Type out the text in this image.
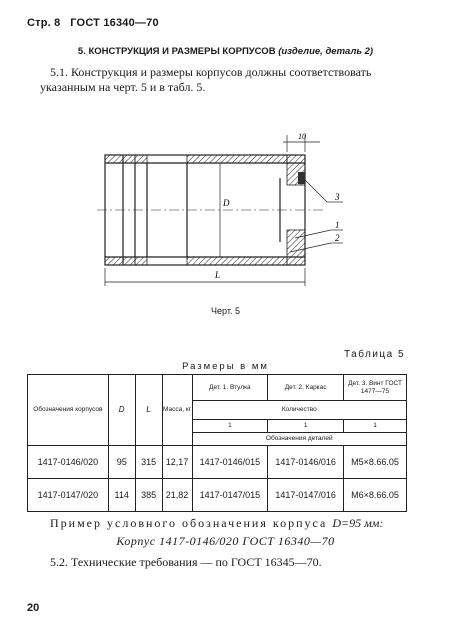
Стр. 8 ГОСТ 16340—70
5. КОНСТРУКЦИЯ И РАЗМЕРЫ КОРПУСОВ (изделие, деталь 2)
5.1. Конструкция и размеры корпусов должны соответствовать
указанным на черт. 5 и в табл. 5.
D
L
10
3
1
2
Черт. 5
Таблица 5
Размеры в мм
Обозначения корпусов	D	L	Масса, кг	Дет. 1. Втулка	Дет. 2. Каркас	Дет. 3. Винт ГОСТ 1477—75
				Количество		
				1	1	1
				Обозначения деталей		
1417-0146/020	95	315	12,17	1417-0146/015	1417-0146/016	M5×8.66.05
1417-0147/020	114	385	21,82	1417-0147/015	1417-0147/016	M6×8.66.05
Пример условного обозначения корпуса D=95 мм:
Корпус 1417-0146/020 ГОСТ 16340—70
5.2. Технические требования — по ГОСТ 16345—70.
20
